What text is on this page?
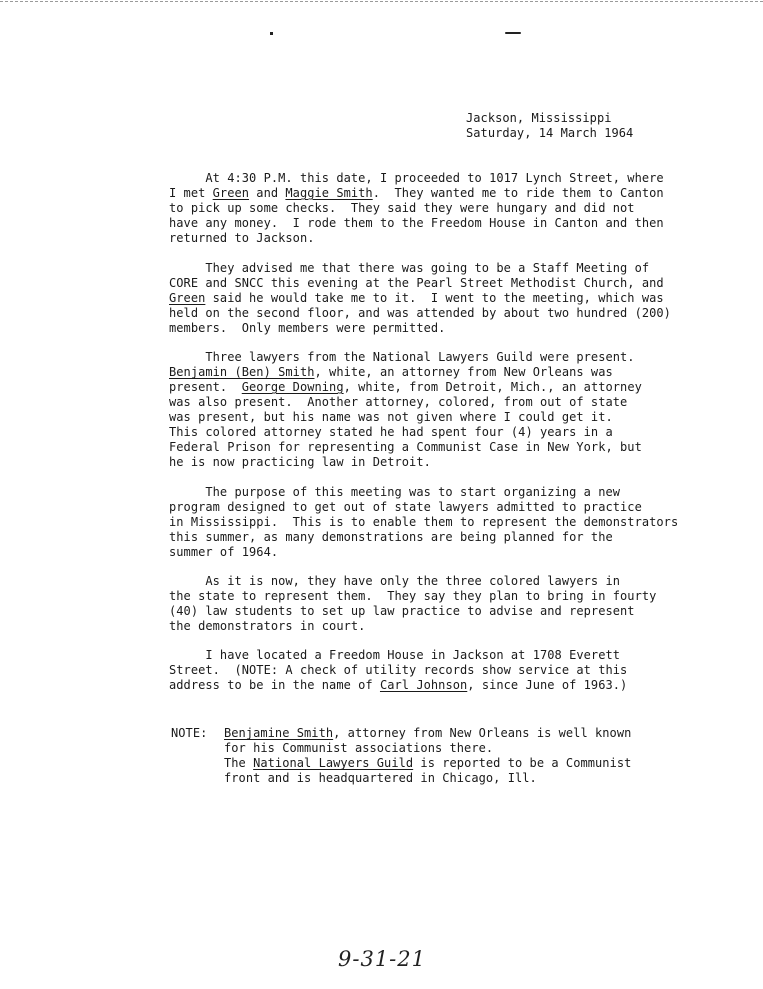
Jackson, Mississippi
Saturday, 14 March 1964
At 4:30 P.M. this date, I proceeded to 1017 Lynch Street, where
I met Green and Maggie Smith.  They wanted me to ride them to Canton
to pick up some checks.  They said they were hungary and did not
have any money.  I rode them to the Freedom House in Canton and then
returned to Jackson.
They advised me that there was going to be a Staff Meeting of
CORE and SNCC this evening at the Pearl Street Methodist Church, and
Green said he would take me to it.  I went to the meeting, which was
held on the second floor, and was attended by about two hundred (200)
members.  Only members were permitted.
Three lawyers from the National Lawyers Guild were present.
Benjamin (Ben) Smith, white, an attorney from New Orleans was
present.  George Downing, white, from Detroit, Mich., an attorney
was also present.  Another attorney, colored, from out of state
was present, but his name was not given where I could get it.
This colored attorney stated he had spent four (4) years in a
Federal Prison for representing a Communist Case in New York, but
he is now practicing law in Detroit.
The purpose of this meeting was to start organizing a new
program designed to get out of state lawyers admitted to practice
in Mississippi.  This is to enable them to represent the demonstrators
this summer, as many demonstrations are being planned for the
summer of 1964.
As it is now, they have only the three colored lawyers in
the state to represent them.  They say they plan to bring in fourty
(40) law students to set up law practice to advise and represent
the demonstrators in court.
I have located a Freedom House in Jackson at 1708 Everett
Street.  (NOTE: A check of utility records show service at this
address to be in the name of Carl Johnson, since June of 1963.)
NOTE: Benjamine Smith, attorney from New Orleans is well known
for his Communist associations there.
The National Lawyers Guild is reported to be a Communist
front and is headquartered in Chicago, Ill.
9-31-21
